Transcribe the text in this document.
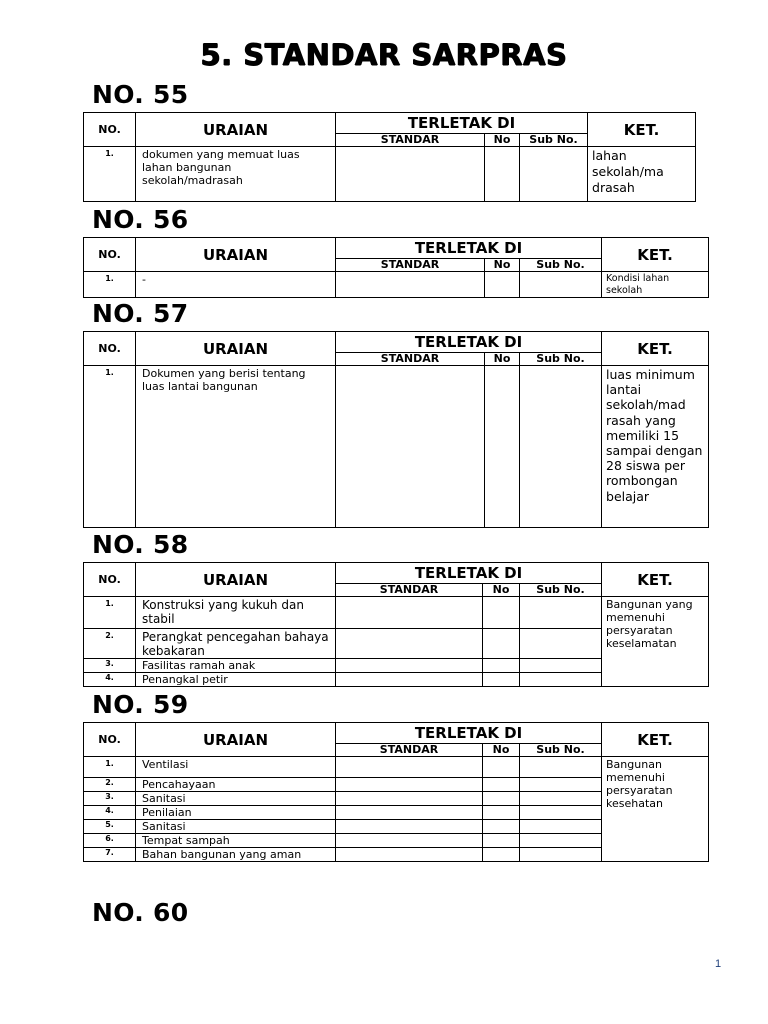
5. STANDAR SARPRAS
NO. 55
NO.	URAIAN	TERLETAK DI			KET.
		STANDAR	No	Sub No.	
1.	dokumen yang memuat luas lahan bangunan sekolah/madrasah				lahan sekolah/ma drasah
NO. 56
NO.	URAIAN	TERLETAK DI			KET.
		STANDAR	No	Sub No.	
1.	-				Kondisi lahan sekolah
NO. 57
NO.	URAIAN	TERLETAK DI			KET.
		STANDAR	No	Sub No.	
1.	Dokumen yang berisi tentang luas lantai bangunan				luas minimum lantai sekolah/mad rasah yang memiliki 15 sampai dengan 28 siswa per rombongan belajar
NO. 58
NO.	URAIAN	TERLETAK DI			KET.
		STANDAR	No	Sub No.	
1.	Konstruksi yang kukuh dan stabil				Bangunan yang memenuhi persyaratan keselamatan
2.	Perangkat pencegahan bahaya kebakaran				
3.	Fasilitas ramah anak				
4.	Penangkal petir				
NO. 59
NO.	URAIAN	TERLETAK DI			KET.
		STANDAR	No	Sub No.	
1.	Ventilasi				Bangunan memenuhi persyaratan kesehatan
2.	Pencahayaan				
3.	Sanitasi				
4.	Penilaian				
5.	Sanitasi				
6.	Tempat sampah				
7.	Bahan bangunan yang aman				
NO. 60
1
